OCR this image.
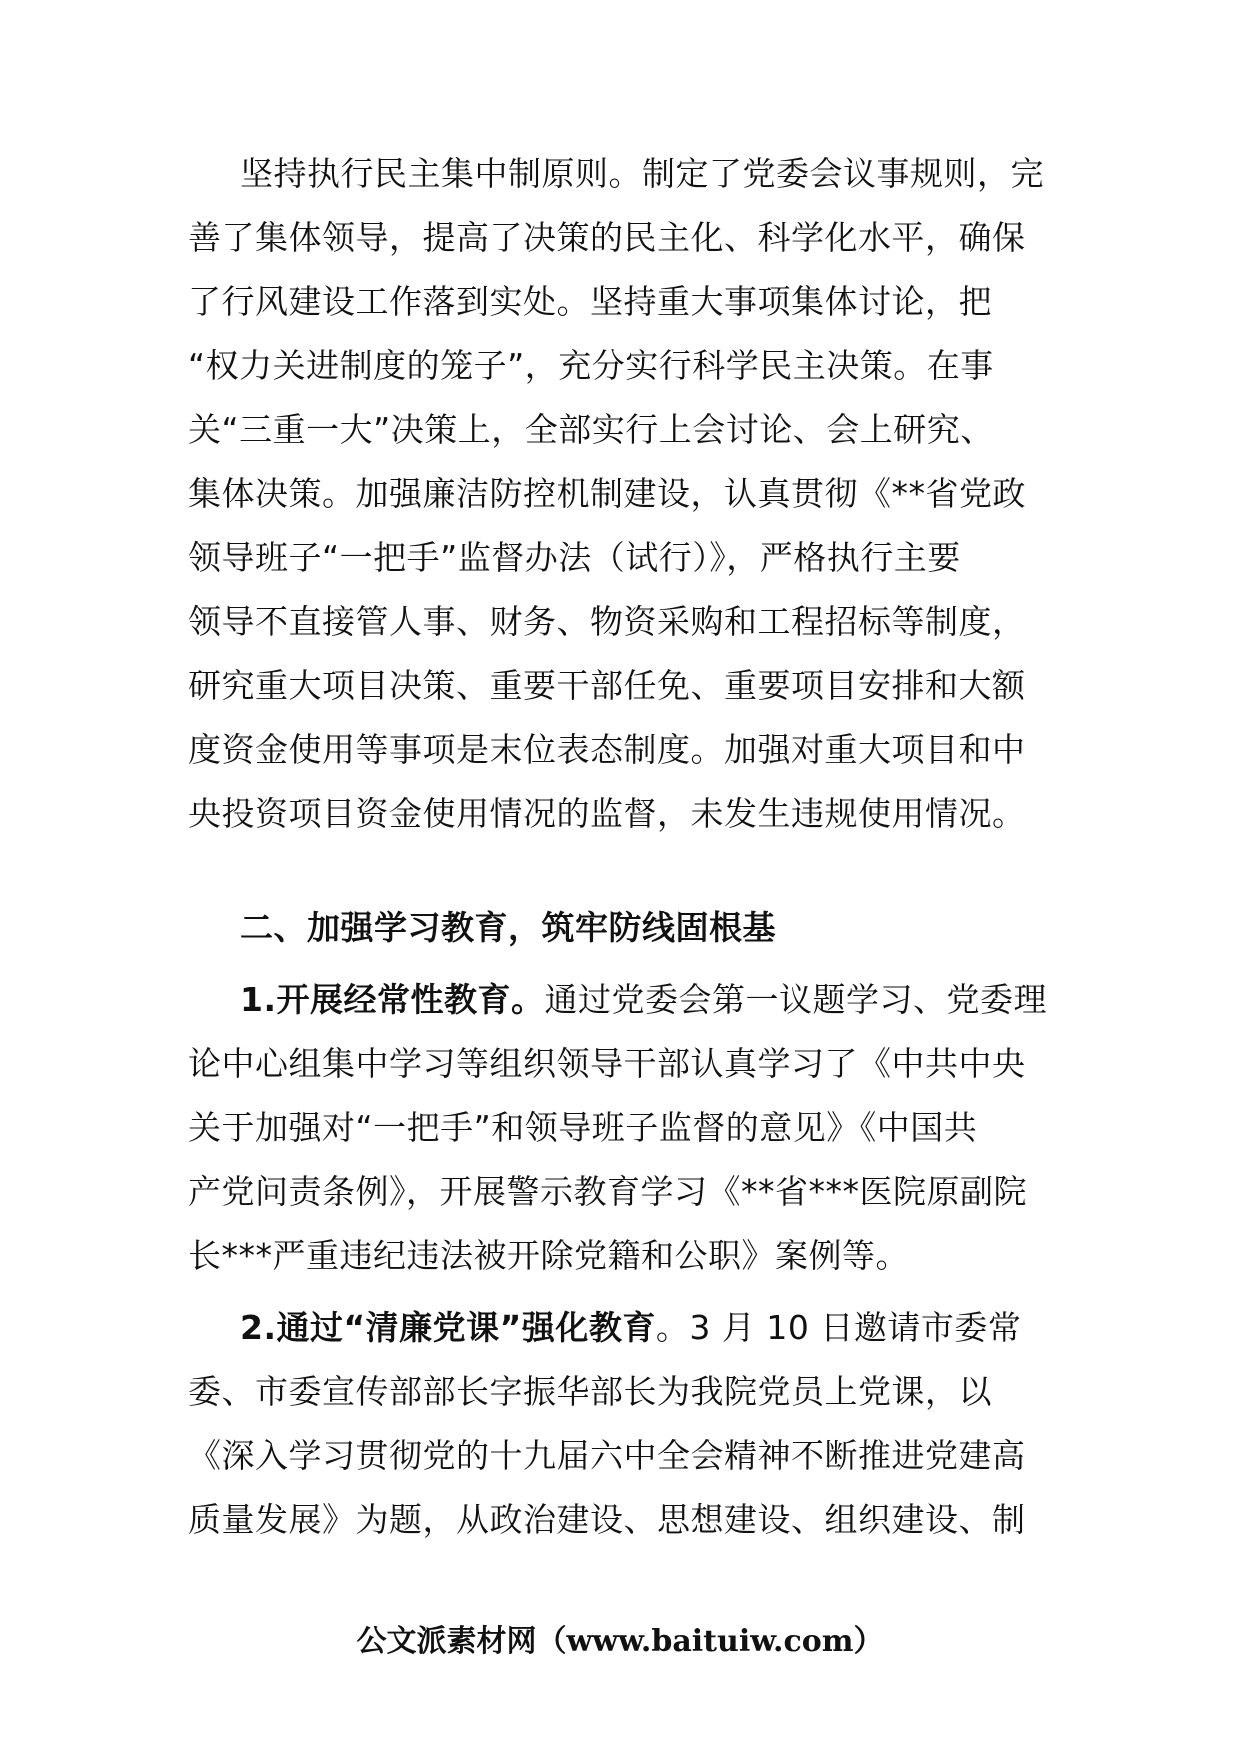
坚持执行民主集中制原则。制定了党委会议事规则，完
善了集体领导，提高了决策的民主化、科学化水平，确保
了行风建设工作落到实处。坚持重大事项集体讨论，把
“权力关进制度的笼子”，充分实行科学民主决策。在事
关“三重一大”决策上，全部实行上会讨论、会上研究、
集体决策。加强廉洁防控机制建设，认真贯彻《**省党政
领导班子“一把手”监督办法（试行）》，严格执行主要
领导不直接管人事、财务、物资采购和工程招标等制度，
研究重大项目决策、重要干部任免、重要项目安排和大额
度资金使用等事项是末位表态制度。加强对重大项目和中
央投资项目资金使用情况的监督，未发生违规使用情况。
二、加强学习教育，筑牢防线固根基
1.开展经常性教育。通过党委会第一议题学习、党委理
论中心组集中学习等组织领导干部认真学习了《中共中央
关于加强对“一把手”和领导班子监督的意见》《中国共
产党问责条例》，开展警示教育学习《**省***医院原副院
长***严重违纪违法被开除党籍和公职》案例等。
2.通过“清廉党课”强化教育。3 月 10 日邀请市委常
委、市委宣传部部长字振华部长为我院党员上党课，以
《深入学习贯彻党的十九届六中全会精神不断推进党建高
质量发展》为题，从政治建设、思想建设、组织建设、制
公文派素材网（www.baituiw.com）
